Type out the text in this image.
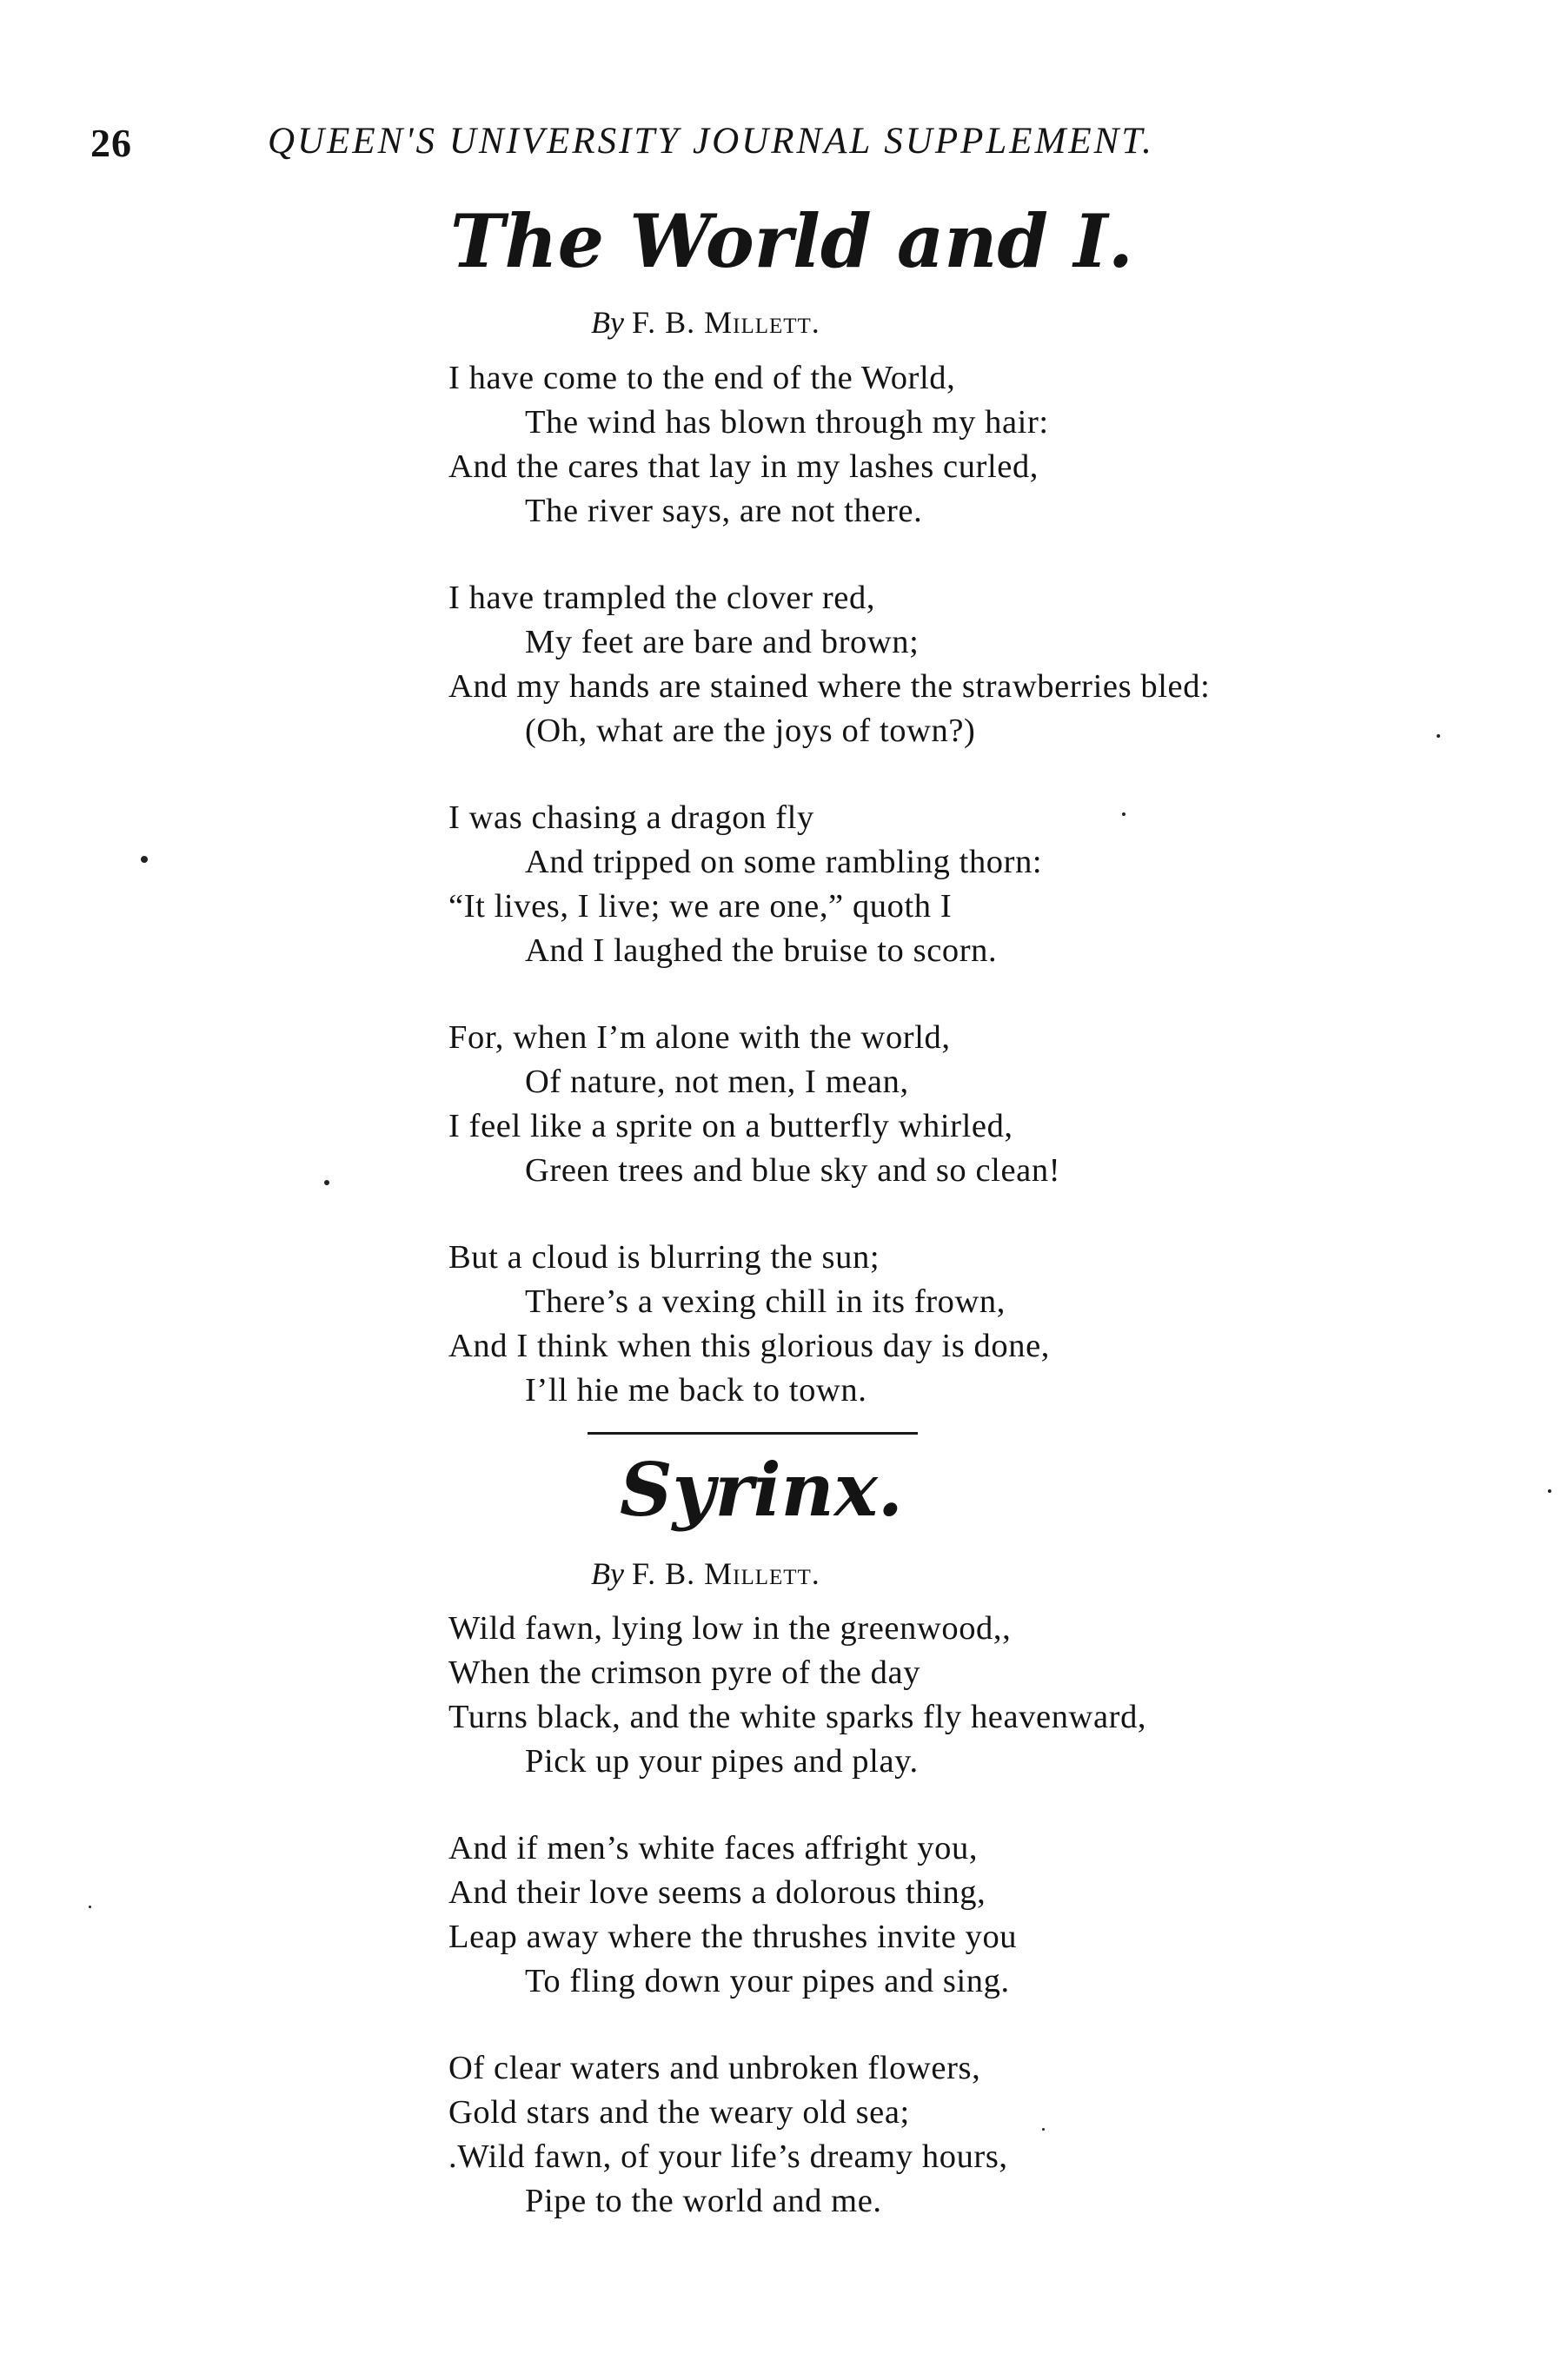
26	QUEEN'S UNIVERSITY JOURNAL SUPPLEMENT.
The World and I.
By F. B. Millett.
I have come to the end of the World,
The wind has blown through my hair:
And the cares that lay in my lashes curled,
The river says, are not there.
I have trampled the clover red,
My feet are bare and brown;
And my hands are stained where the strawberries bled:
(Oh, what are the joys of town?)
I was chasing a dragon fly
And tripped on some rambling thorn:
“It lives, I live; we are one,” quoth I
And I laughed the bruise to scorn.
For, when I’m alone with the world,
Of nature, not men, I mean,
I feel like a sprite on a butterfly whirled,
Green trees and blue sky and so clean!
But a cloud is blurring the sun;
There’s a vexing chill in its frown,
And I think when this glorious day is done,
I’ll hie me back to town.
Syrinx.
By F. B. Millett.
Wild fawn, lying low in the greenwood,,
When the crimson pyre of the day
Turns black, and the white sparks fly heavenward,
Pick up your pipes and play.
And if men’s white faces affright you,
And their love seems a dolorous thing,
Leap away where the thrushes invite you
To fling down your pipes and sing.
Of clear waters and unbroken flowers,
Gold stars and the weary old sea;
.Wild fawn, of your life’s dreamy hours,
Pipe to the world and me.
